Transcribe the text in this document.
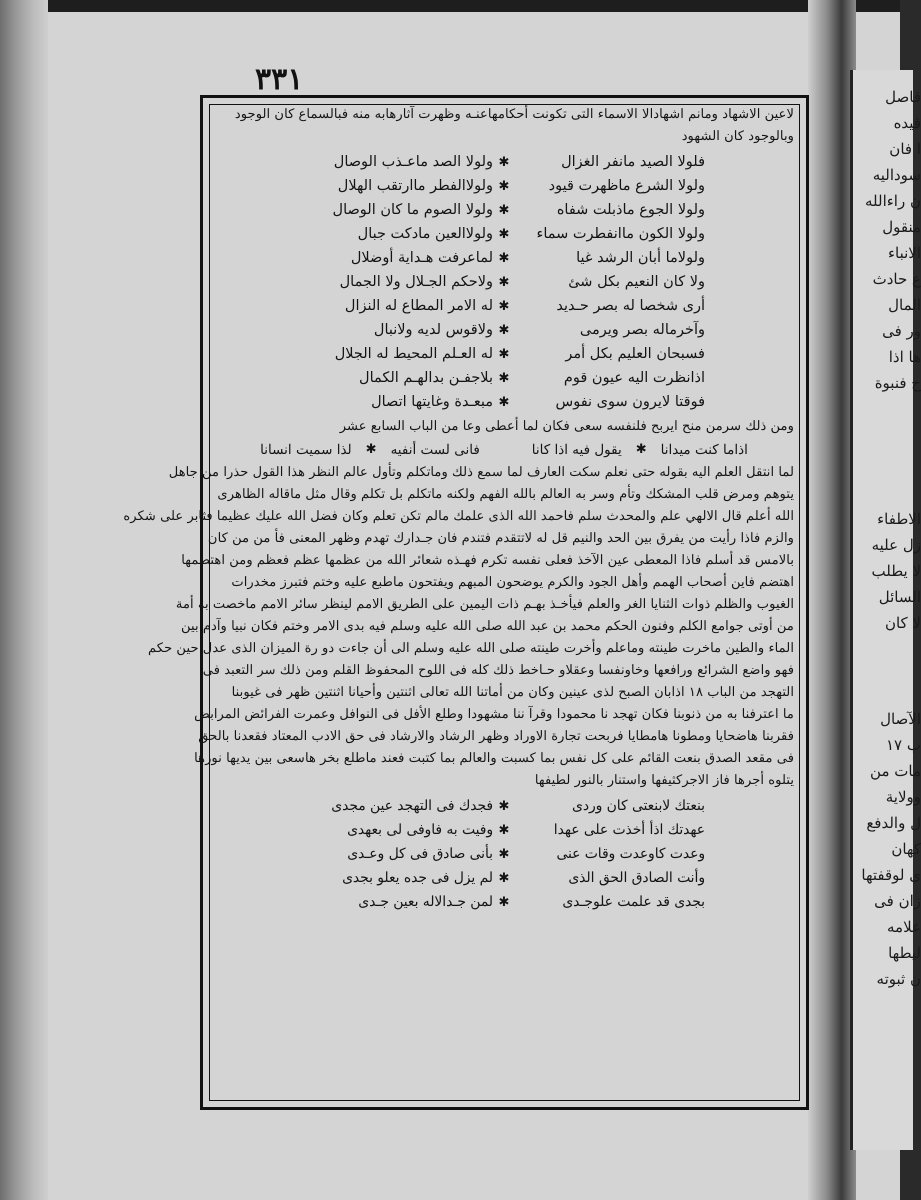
قاصل
قيده
ا فان
سوداليه
ن راءالله
منقول
الانباء
ع حادث
المال
ور فى
ها اذا
ح فنبوة
الاطفاء
زل عليه
لا يطلب
السائل
لا كان
الآصال
ب ١٧
مات من
وولاية
ل والدفع
كهان
ى لوقفتها
زان فى
علامه
ليطها
ن ثبوته
٣٣١
لاعين الاشهاد ومانم اشهادالا الاسماء التى تكونت أحكامهاعنـه وظهرت آثارهابه منه فبالسماع كان الوجود
وبالوجود كان الشهود
فلولا الصيد مانفر الغزال
✱
ولولا الصد ماعـذب الوصال
ولولا الشرع ماظهرت قيود
✱
ولولاالفطر ماارتقب الهلال
ولولا الجوع ماذبلت شفاه
✱
ولولا الصوم ما كان الوصال
ولولا الكون ماانفطرت سماء
✱
ولولاالعين مادكت جبال
ولولاما أبان الرشد غيا
✱
لماعرفت هـداية أوضلال
ولا كان النعيم بكل شئ
✱
ولاحكم الجـلال ولا الجمال
أرى شخصا له بصر حـديد
✱
له الامر المطاع له النزال
وآخرماله بصر ويرمى
✱
ولاقوس لديه ولانبال
فسبحان العليم بكل أمر
✱
له العـلم المحيط له الجلال
اذانظرت اليه عيون قوم
✱
بلاجفـن بدالهـم الكمال
فوقتا لايرون سوى نفوس
✱
مبعـدة وغايتها اتصال
ومن ذلك سرمن منح ايربح فلنفسه سعى فكان لما أعطى وعا من الباب السابع عشر
اذاما كنت ميدانا
✱
يقول فيه اذا كانا
فانى لست أنفيه
✱
لذا سميت انسانا
لما انتقل العلم اليه بقوله حتى نعلم سكت العارف لما سمع ذلك وماتكلم وتأول عالم النظر هذا القول حذرا من جاهل
يتوهم ومرض قلب المشكك وتأم وسر به العالم بالله الفهم ولكنه ماتكلم بل تكلم وقال مثل ماقاله الظاهرى
الله أعلم قال الالهي علم والمحدث سلم فاحمد الله الذى علمك مالم تكن تعلم وكان فضل الله عليك عظيما فثابر على شكره
والزم فاذا رأيت من يفرق بين الحد والنيم قل له لاتتقدم فتندم فان جـدارك تهدم وظهر المعنى فأ من من كان
بالامس قد أسلم فاذا المعطى عين الآخذ فعلى نفسه تكرم فهـذه شعائر الله من عظمها عظم فعظم ومن اهتضمها
اهتضم فاين أصحاب الهمم وأهل الجود والكرم يوضحون المبهم ويفتحون ماطبع عليه وختم فتبرز مخدرات
الغيوب والظلم ذوات الثنايا الغر والعلم فيأخـذ بهـم ذات اليمين على الطريق الامم لينظر سائر الامم ماخصت به أمة
من أوتى جوامع الكلم وفنون الحكم محمد بن عبد الله صلى الله عليه وسلم فيه بدى الامر وختم فكان نبيا وآدم بين
الماء والطين ماخرت طينته وماعلم وأخرت طينته صلى الله عليه وسلم الى أن جاءت دو رة الميزان الذى عدل حين حكم
فهو واضع الشرائع ورافعها وخاونفسا وعقلاو حـاخط ذلك كله فى اللوح المحفوظ القلم ومن ذلك سر التعبد فى
التهجد من الباب ١٨ اذابان الصبح لذى عينين وكان من أماتنا الله تعالى اثنتين وأحيانا اثنتين ظهر فى غيوبنا
ما اعترفنا به من ذنوبنا فكان تهجد نا محمودا وقرآ ننا مشهودا وطلع الأفل فى النوافل وعمرت الفرائض المرابض
فقربنا هاضحايا ومطونا هامطايا فربحت تجارة الاوراد وظهر الرشاد والارشاد فى حق الادب المعتاد فقعدنا بالحق
فى مقعد الصدق بنعت القائم على كل نفس بما كسبت والعالم بما كتبت فعند ماطلع بخر هاسعى بين يديها نورها
يتلوه أجرها فاز الاجركثيفها واستنار بالنور لطيفها
بنعتك لابنعتى كان وردى
✱
فجدك فى التهجد عين مجدى
عهدتك اذأ أخذت على عهدا
✱
وفيت به فاوفى لى بعهدى
وعدت كاوعدت وقات عنى
✱
بأنى صادق فى كل وعـدى
وأنت الصادق الحق الذى
✱
لم يزل فى جده يعلو بجدى
بجدى قد علمت علوجـدى
✱
لمن جـدالاله بعين جـدى
